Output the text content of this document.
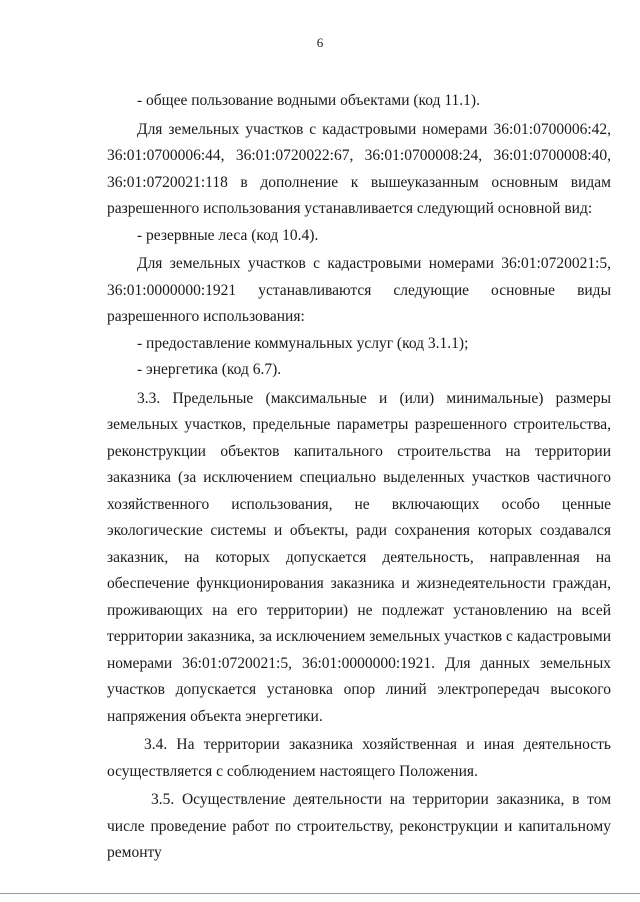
6

- общее пользование водными объектами (код 11.1).

Для земельных участков с кадастровыми номерами 36:01:0700006:42, 36:01:0700006:44, 36:01:0720022:67, 36:01:0700008:24, 36:01:0700008:40, 36:01:0720021:118 в дополнение к вышеуказанным основным видам разрешенного использования устанавливается следующий основной вид:

- резервные леса (код 10.4).

Для земельных участков с кадастровыми номерами 36:01:0720021:5, 36:01:0000000:1921 устанавливаются следующие основные виды разрешенного использования:

- предоставление коммунальных услуг (код 3.1.1);

- энергетика (код 6.7).

3.3. Предельные (максимальные и (или) минимальные) размеры земельных участков, предельные параметры разрешенного строительства, реконструкции объектов капитального строительства на территории заказника (за исключением специально выделенных участков частичного хозяйственного использования, не включающих особо ценные экологические системы и объекты, ради сохранения которых создавался заказник, на которых допускается деятельность, направленная на обеспечение функционирования заказника и жизнедеятельности граждан, проживающих на его территории) не подлежат установлению на всей территории заказника, за исключением земельных участков с кадастровыми номерами 36:01:0720021:5, 36:01:0000000:1921. Для данных земельных участков допускается установка опор линий электропередач высокого напряжения объекта энергетики.

3.4. На территории заказника хозяйственная и иная деятельность осуществляется с соблюдением настоящего Положения.

3.5. Осуществление деятельности на территории заказника, в том числе проведение работ по строительству, реконструкции и капитальному ремонту
